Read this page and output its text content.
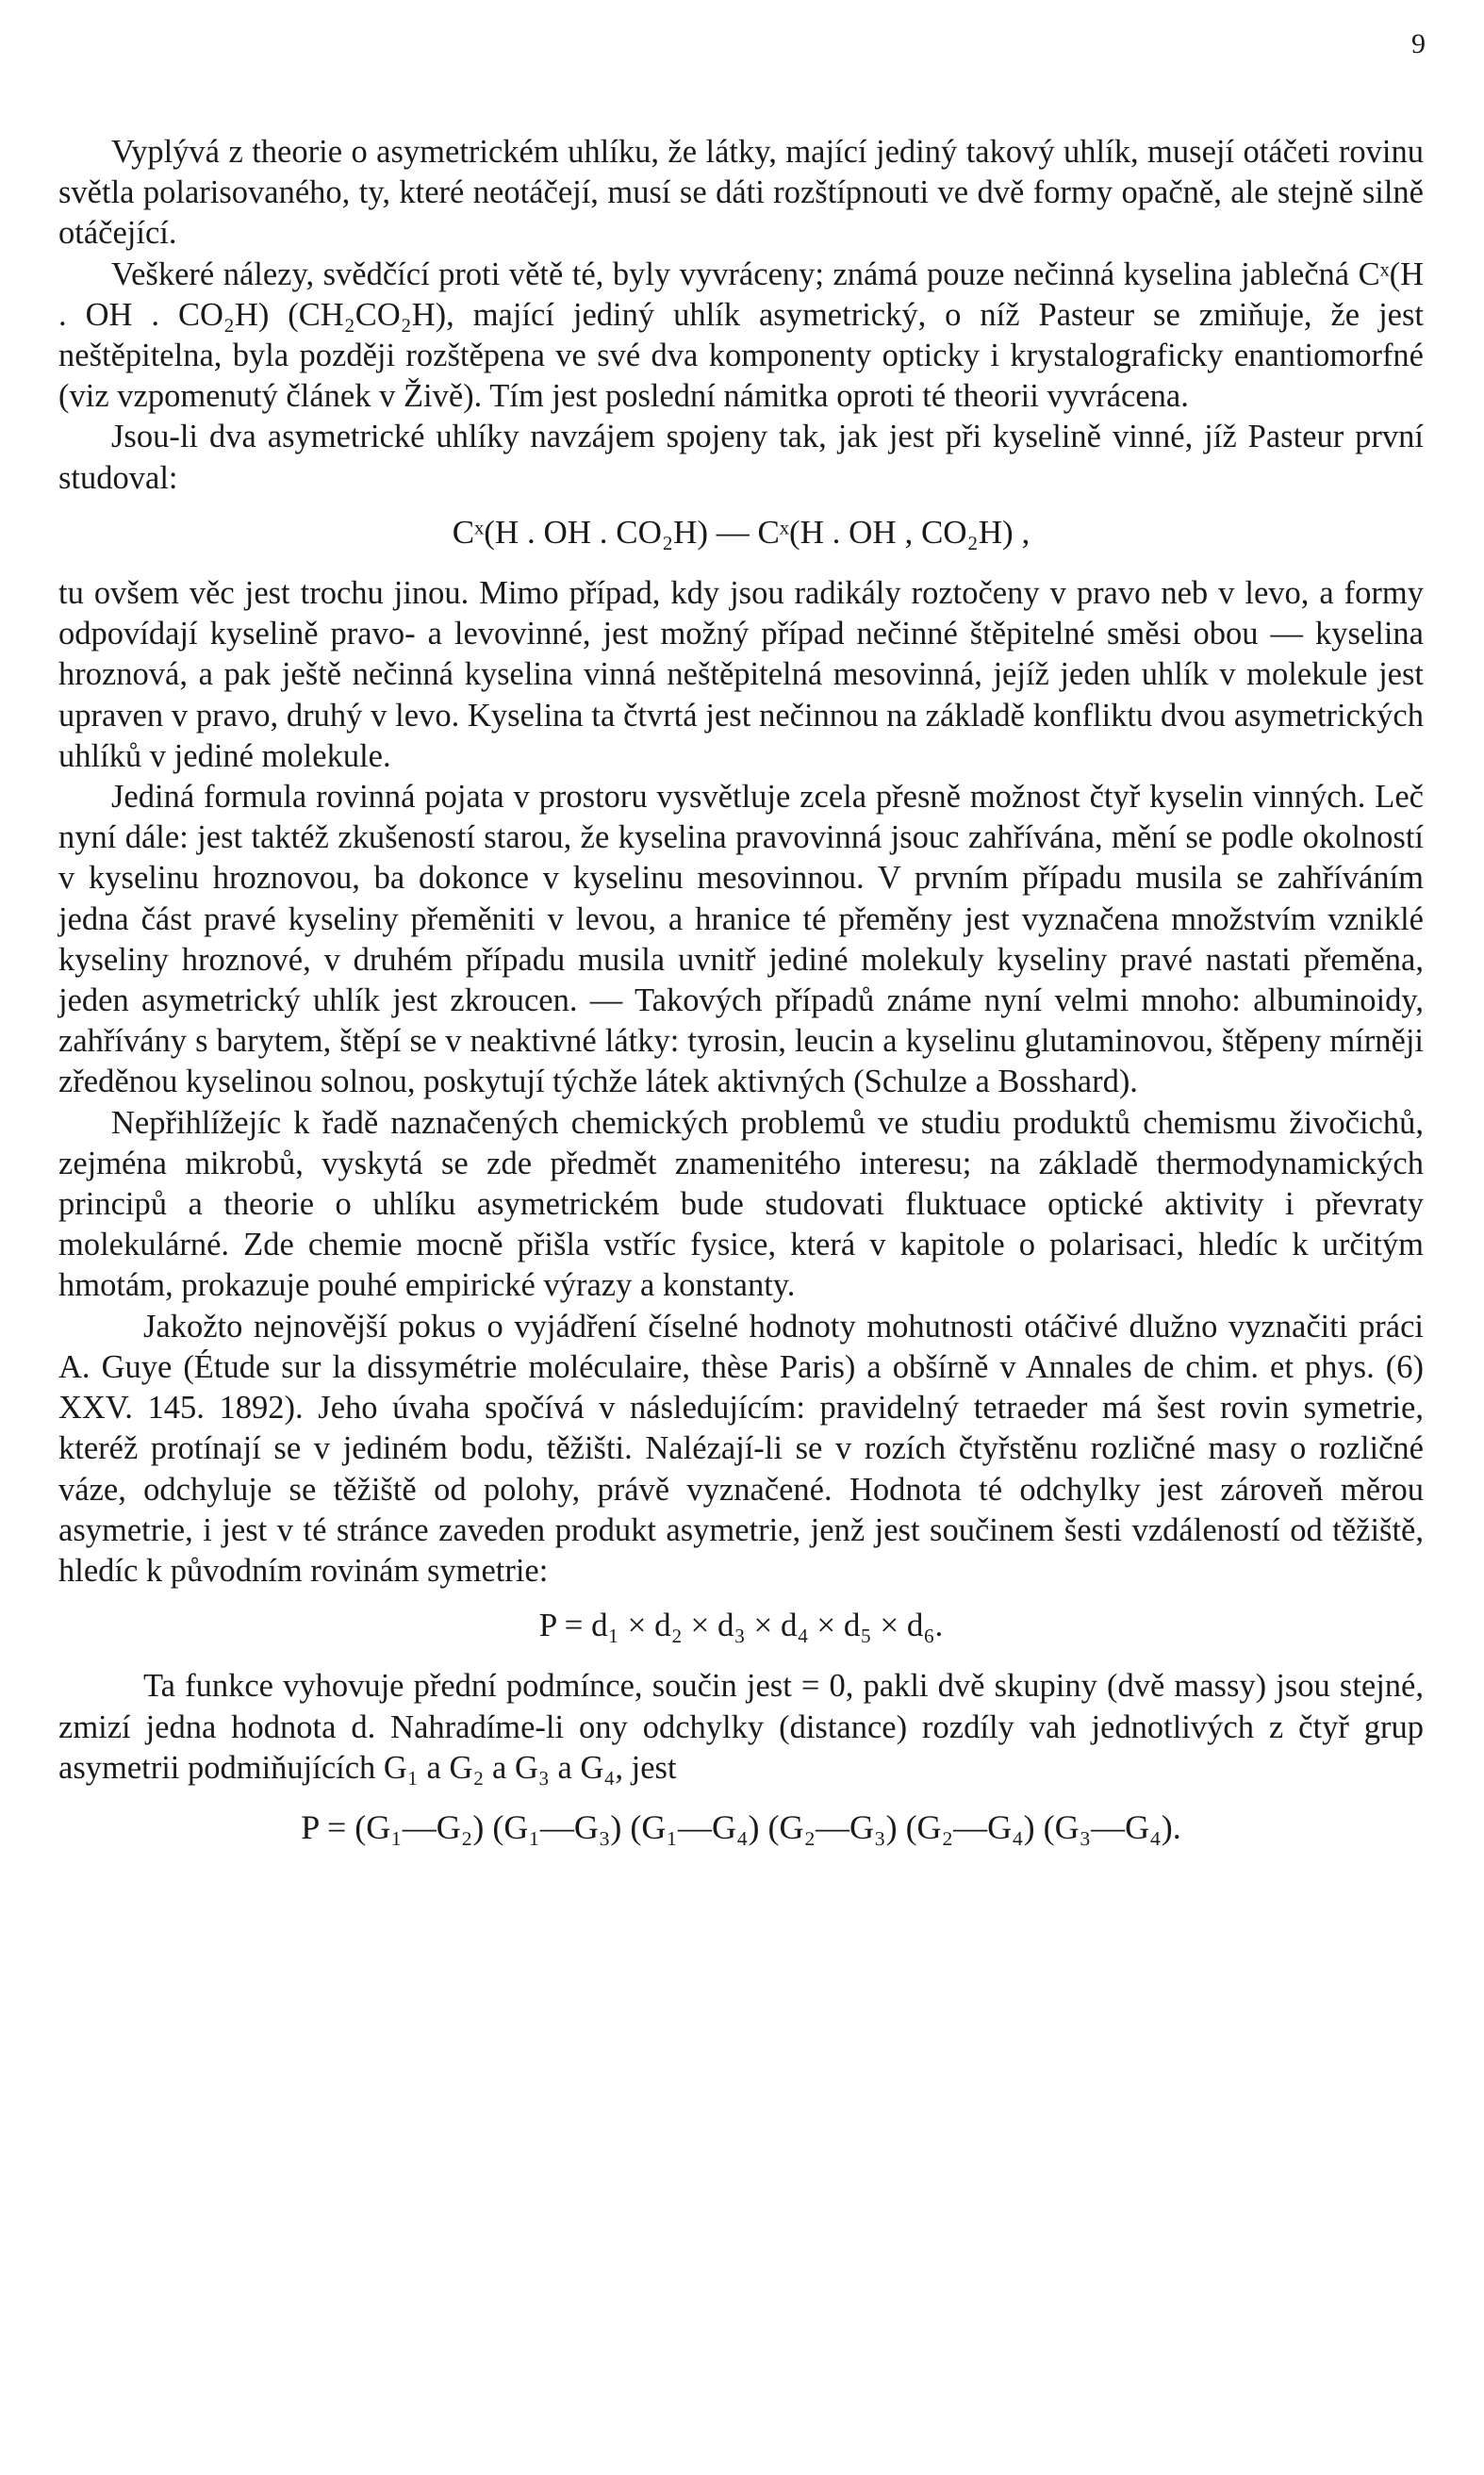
9

Vyplývá z theorie o asymetrickém uhlíku, že látky, mající jediný takový uhlík, musejí otáčeti rovinu světla polarisovaného, ty, které neotáčejí, musí se dáti rozštípnouti ve dvě formy opačně, ale stejně silně otáčející.

Veškeré nálezy, svědčící proti větě té, byly vyvráceny; známá pouze nečinná kyselina jablečná Cˣ(H . OH . CO₂H) (CH₂CO₂H), mající jediný uhlík asymetrický, o níž Pasteur se zmiňuje, že jest neštěpitelna, byla později rozštěpena ve své dva komponenty opticky i krystalograficky enantiomorfné (viz vzpomenutý článek v Živě). Tím jest poslední námitka oproti té theorii vyvrácena.

Jsou-li dva asymetrické uhlíky navzájem spojeny tak, jak jest při kyselině vinné, jíž Pasteur první studoval:

Cˣ(H . OH . CO₂H) — Cˣ(H . OH , CO₂H) ,

tu ovšem věc jest trochu jinou. Mimo případ, kdy jsou radikály roztočeny v pravo neb v levo, a formy odpovídají kyselině pravo- a levovinné, jest možný případ nečinné štěpitelné směsi obou — kyselina hroznová, a pak ještě nečinná kyselina vinná neštěpitelná mesovinná, jejíž jeden uhlík v molekule jest upraven v pravo, druhý v levo. Kyselina ta čtvrtá jest nečinnou na základě konfliktu dvou asymetrických uhlíků v jediné molekule.

Jediná formula rovinná pojata v prostoru vysvětluje zcela přesně možnost čtyř kyselin vinných. Leč nyní dále: jest taktéž zkušeností starou, že kyselina pravovinná jsouc zahřívána, mění se podle okolností v kyselinu hroznovou, ba dokonce v kyselinu mesovinnou. V prvním případu musila se zahříváním jedna část pravé kyseliny přeměniti v levou, a hranice té přeměny jest vyznačena množstvím vzniklé kyseliny hroznové, v druhém případu musila uvnitř jediné molekuly kyseliny pravé nastati přeměna, jeden asymetrický uhlík jest zkroucen. — Takových případů známe nyní velmi mnoho: albuminoidy, zahřívány s barytem, štěpí se v neaktivné látky: tyrosin, leucin a kyselinu glutaminovou, štěpeny mírněji zředěnou kyselinou solnou, poskytují týchže látek aktivných (Schulze a Bosshard).

Nepřihlížejíc k řadě naznačených chemických problemů ve studiu produktů chemismu živočichů, zejména mikrobů, vyskytá se zde předmět znamenitého interesu; na základě thermodynamických principů a theorie o uhlíku asymetrickém bude studovati fluktuace optické aktivity i převraty molekulárné. Zde chemie mocně přišla vstříc fysice, která v kapitole o polarisaci, hledíc k určitým hmotám, prokazuje pouhé empirické výrazy a konstanty.

Jakožto nejnovější pokus o vyjádření číselné hodnoty mohutnosti otáčivé dlužno vyznačiti práci A. Guye (Étude sur la dissymétrie moléculaire, thèse Paris) a obšírně v Annales de chim. et phys. (6) XXV. 145. 1892). Jeho úvaha spočívá v následujícím: pravidelný tetraeder má šest rovin symetrie, kteréž protínají se v jediném bodu, těžišti. Nalézají-li se v rozích čtyřstěnu rozličné masy o rozličné váze, odchyluje se těžiště od polohy, právě vyznačené. Hodnota té odchylky jest zároveň měrou asymetrie, i jest v té stránce zaveden produkt asymetrie, jenž jest součinem šesti vzdáleností od těžiště, hledíc k původním rovinám symetrie:

P = d₁ × d₂ × d₃ × d₄ × d₅ × d₆.

Ta funkce vyhovuje přední podmínce, součin jest = 0, pakli dvě skupiny (dvě massy) jsou stejné, zmizí jedna hodnota d. Nahradíme-li ony odchylky (distance) rozdíly vah jednotlivých z čtyř grup asymetrii podmiňujících G₁ a G₂ a G₃ a G₄, jest

P = (G₁—G₂) (G₁—G₃) (G₁—G₄) (G₂—G₃) (G₂—G₄) (G₃—G₄).
